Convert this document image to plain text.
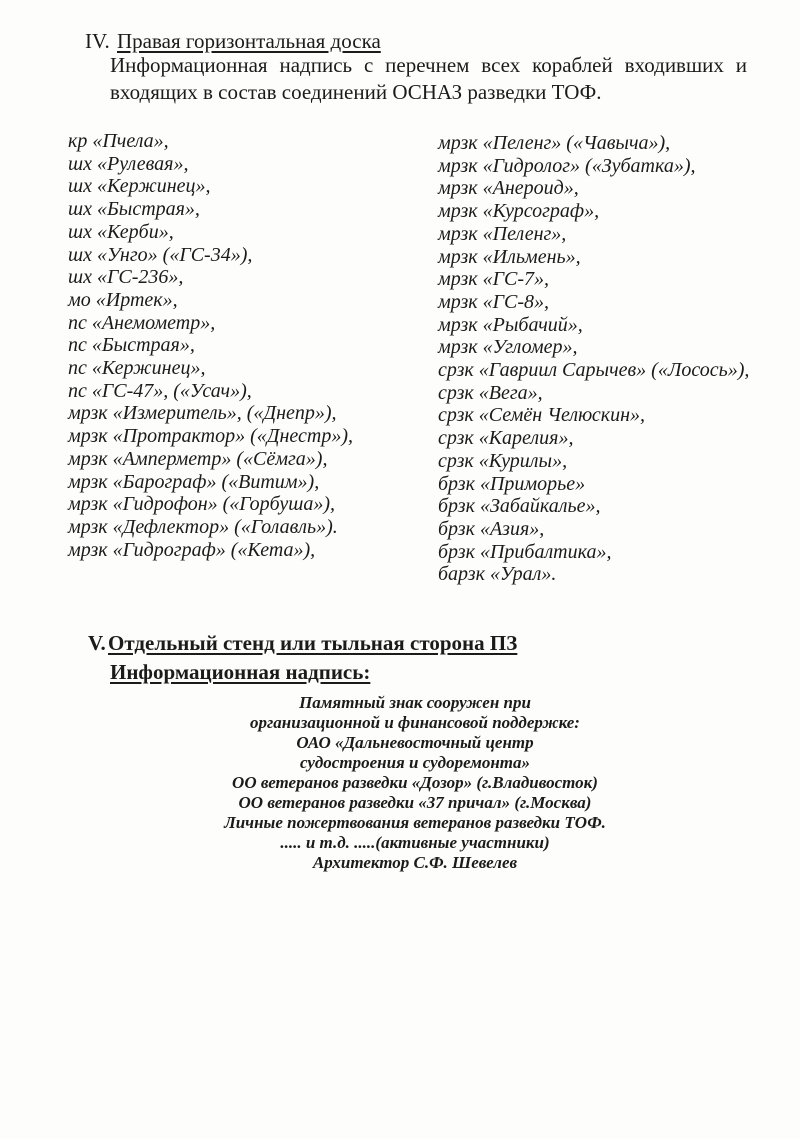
IV. Правая горизонтальная доска
Информационная надпись с перечнем всех кораблей входивших и
входящих в состав соединений ОСНАЗ разведки ТОФ.
кр «Пчела»,
шх «Рулевая»,
шх «Кержинец»,
шх «Быстрая»,
шх «Керби»,
шх «Унго» («ГС-34»),
шх «ГС-236»,
мо «Иртек»,
пс «Анемометр»,
пс «Быстрая»,
пс «Кержинец»,
пс «ГС-47», («Усач»),
мрзк «Измеритель», («Днепр»),
мрзк «Протрактор» («Днестр»),
мрзк «Амперметр» («Сёмга»),
мрзк «Барограф» («Витим»),
мрзк «Гидрофон» («Горбуша»),
мрзк «Дефлектор» («Голавль»).
мрзк «Гидрограф» («Кета»),
мрзк «Пеленг» («Чавыча»),
мрзк «Гидролог» («Зубатка»),
мрзк «Анероид»,
мрзк «Курсограф»,
мрзк «Пеленг»,
мрзк «Ильмень»,
мрзк «ГС-7»,
мрзк «ГС-8»,
мрзк «Рыбачий»,
мрзк «Угломер»,
срзк «Гавриил Сарычев» («Лосось»),
срзк «Вега»,
срзк «Семён Челюскин»,
срзк «Карелия»,
срзк «Курилы»,
брзк «Приморье»
брзк «Забайкалье»,
брзк «Азия»,
брзк «Прибалтика»,
барзк «Урал».
V. Отдельный стенд или тыльная сторона ПЗ
Информационная надпись:
Памятный знак сооружен при
организационной и финансовой поддержке:
ОАО «Дальневосточный центр
судостроения и судоремонта»
ОО ветеранов разведки «Дозор» (г.Владивосток)
ОО ветеранов разведки «37 причал» (г.Москва)
Личные пожертвования ветеранов разведки ТОФ.
..... и т.д. .....(активные участники)
Архитектор С.Ф. Шевелев
